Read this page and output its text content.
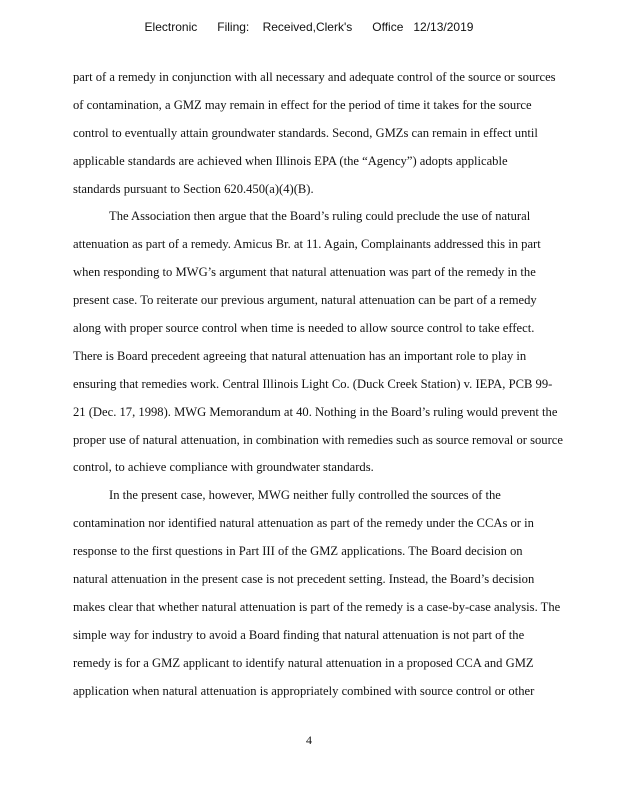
Electronic      Filing:    Received,Clerk's      Office   12/13/2019
part of a remedy in conjunction with all necessary and adequate control of the source or sources
of contamination, a GMZ may remain in effect for the period of time it takes for the source
control to eventually attain groundwater standards. Second, GMZs can remain in effect until
applicable standards are achieved when Illinois EPA (the “Agency”) adopts applicable
standards pursuant to Section 620.450(a)(4)(B).
The Association then argue that the Board’s ruling could preclude the use of natural
attenuation as part of a remedy. Amicus Br. at 11. Again, Complainants addressed this in part
when responding to MWG’s argument that natural attenuation was part of the remedy in the
present case. To reiterate our previous argument, natural attenuation can be part of a remedy
along with proper source control when time is needed to allow source control to take effect.
There is Board precedent agreeing that natural attenuation has an important role to play in
ensuring that remedies work. Central Illinois Light Co. (Duck Creek Station) v. IEPA, PCB 99-
21 (Dec. 17, 1998). MWG Memorandum at 40. Nothing in the Board’s ruling would prevent the
proper use of natural attenuation, in combination with remedies such as source removal or source
control, to achieve compliance with groundwater standards.
In the present case, however, MWG neither fully controlled the sources of the
contamination nor identified natural attenuation as part of the remedy under the CCAs or in
response to the first questions in Part III of the GMZ applications. The Board decision on
natural attenuation in the present case is not precedent setting. Instead, the Board’s decision
makes clear that whether natural attenuation is part of the remedy is a case-by-case analysis. The
simple way for industry to avoid a Board finding that natural attenuation is not part of the
remedy is for a GMZ applicant to identify natural attenuation in a proposed CCA and GMZ
application when natural attenuation is appropriately combined with source control or other
4
